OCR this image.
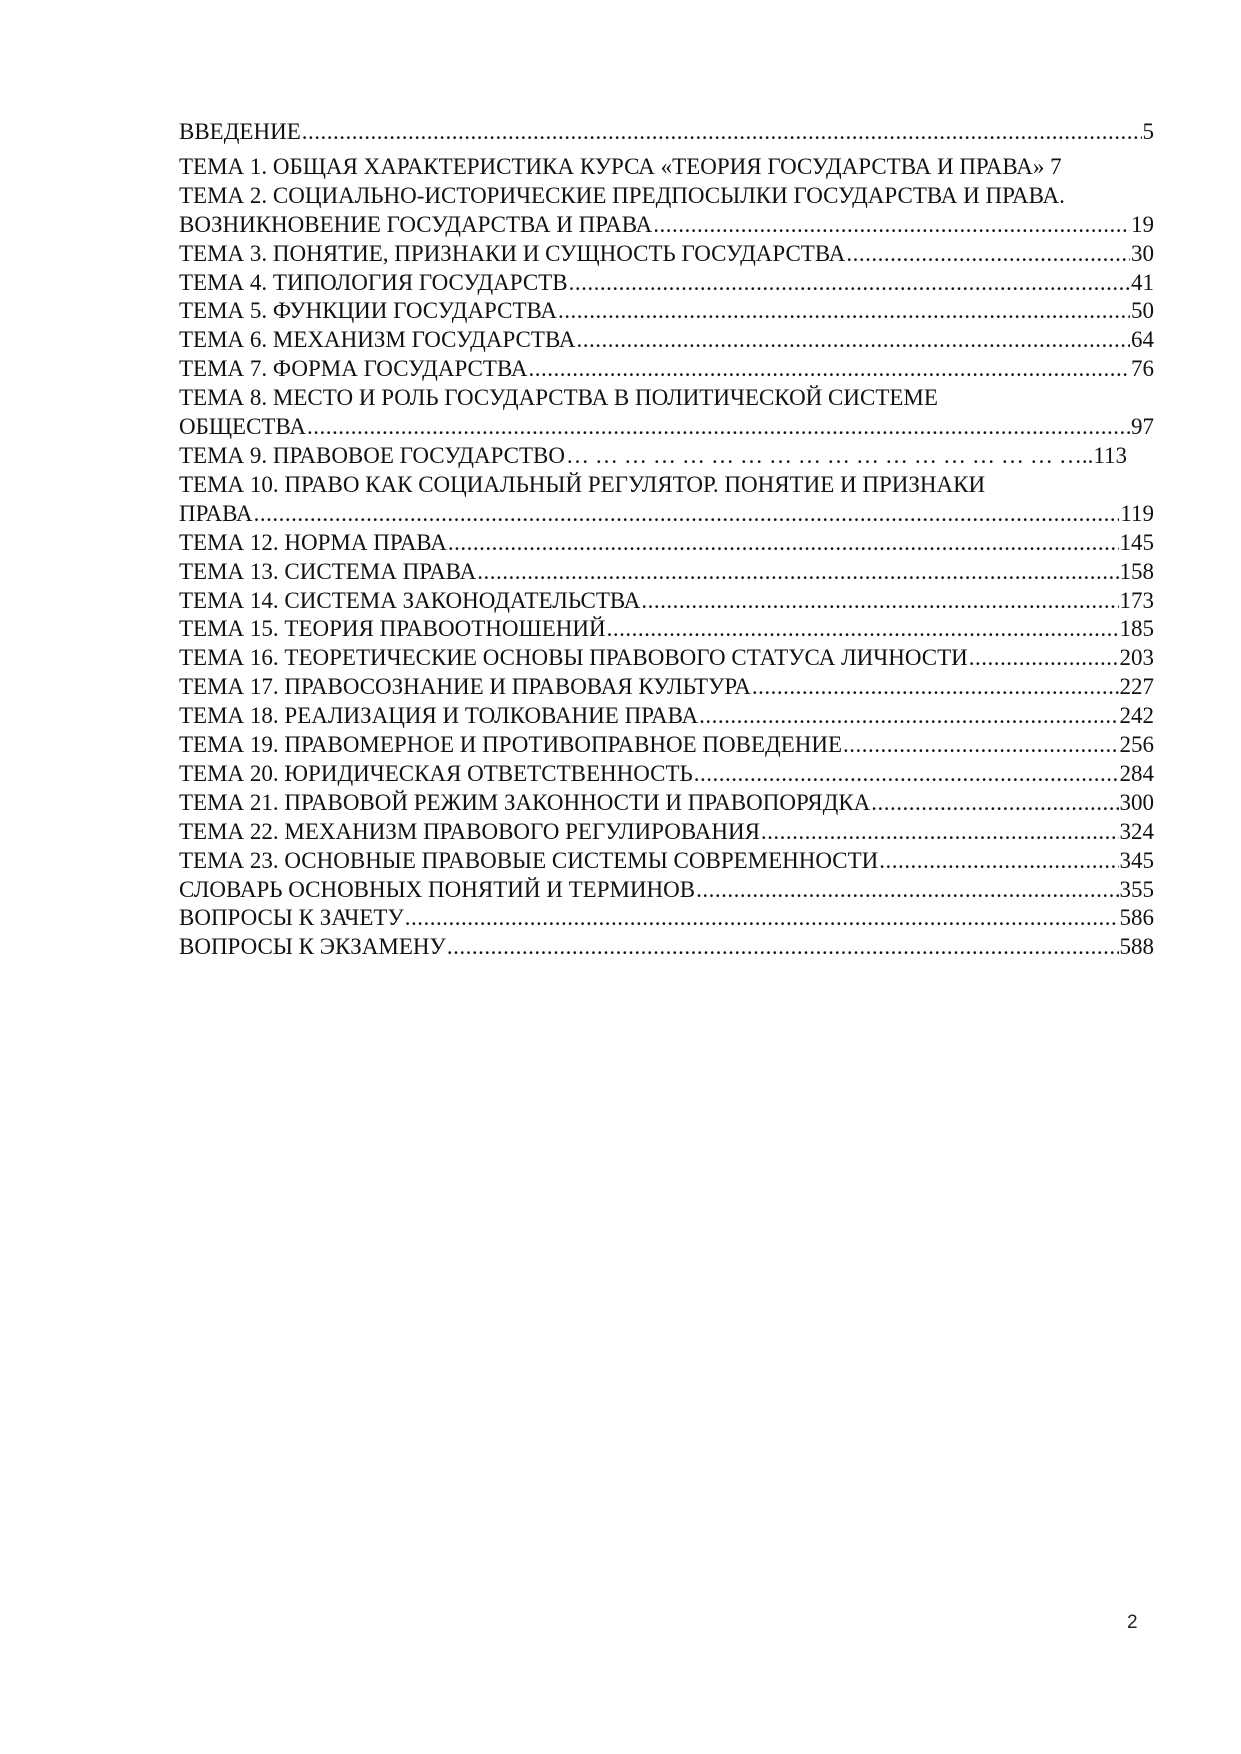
ВВЕДЕНИЕ .....	5
ТЕМА 1. ОБЩАЯ ХАРАКТЕРИСТИКА КУРСА «ТЕОРИЯ ГОСУДАРСТВА И ПРАВА» 7
ТЕМА 2. СОЦИАЛЬНО-ИСТОРИЧЕСКИЕ ПРЕДПОСЫЛКИ ГОСУДАРСТВА И ПРАВА.
ВОЗНИКНОВЕНИЕ ГОСУДАРСТВА И ПРАВА .....	19
ТЕМА 3. ПОНЯТИЕ, ПРИЗНАКИ И СУЩНОСТЬ ГОСУДАРСТВА .....	30
ТЕМА 4. ТИПОЛОГИЯ ГОСУДАРСТВ .....	41
ТЕМА 5. ФУНКЦИИ ГОСУДАРСТВА .....	50
ТЕМА 6. МЕХАНИЗМ ГОСУДАРСТВА .....	64
ТЕМА 7. ФОРМА ГОСУДАРСТВА .....	76
ТЕМА 8. МЕСТО И РОЛЬ ГОСУДАРСТВА В ПОЛИТИЧЕСКОЙ СИСТЕМЕ
ОБЩЕСТВА .....	97
ТЕМА 9. ПРАВОВОЕ ГОСУДАРСТВО …………………………………………………………………………………………………………………………	..113
ТЕМА 10. ПРАВО КАК СОЦИАЛЬНЫЙ РЕГУЛЯТОР. ПОНЯТИЕ И ПРИЗНАКИ
ПРАВА .....	119
ТЕМА 12. НОРМА ПРАВА .....	145
ТЕМА 13. СИСТЕМА ПРАВА .....	158
ТЕМА 14. СИСТЕМА ЗАКОНОДАТЕЛЬСТВА .....	173
ТЕМА 15. ТЕОРИЯ ПРАВООТНОШЕНИЙ .....	185
ТЕМА 16. ТЕОРЕТИЧЕСКИЕ ОСНОВЫ ПРАВОВОГО СТАТУСА ЛИЧНОСТИ .....	203
ТЕМА 17. ПРАВОСОЗНАНИЕ И ПРАВОВАЯ КУЛЬТУРА .....	227
ТЕМА 18. РЕАЛИЗАЦИЯ И ТОЛКОВАНИЕ ПРАВА .....	242
ТЕМА 19. ПРАВОМЕРНОЕ И ПРОТИВОПРАВНОЕ ПОВЕДЕНИЕ .....	256
ТЕМА 20. ЮРИДИЧЕСКАЯ ОТВЕТСТВЕННОСТЬ .....	284
ТЕМА 21. ПРАВОВОЙ РЕЖИМ ЗАКОННОСТИ И ПРАВОПОРЯДКА .....	300
ТЕМА 22. МЕХАНИЗМ ПРАВОВОГО РЕГУЛИРОВАНИЯ .....	324
ТЕМА 23. ОСНОВНЫЕ ПРАВОВЫЕ СИСТЕМЫ СОВРЕМЕННОСТИ .....	345
СЛОВАРЬ ОСНОВНЫХ ПОНЯТИЙ И ТЕРМИНОВ .....	355
ВОПРОСЫ К ЗАЧЕТУ .....	586
ВОПРОСЫ К ЭКЗАМЕНУ .....	588
2
